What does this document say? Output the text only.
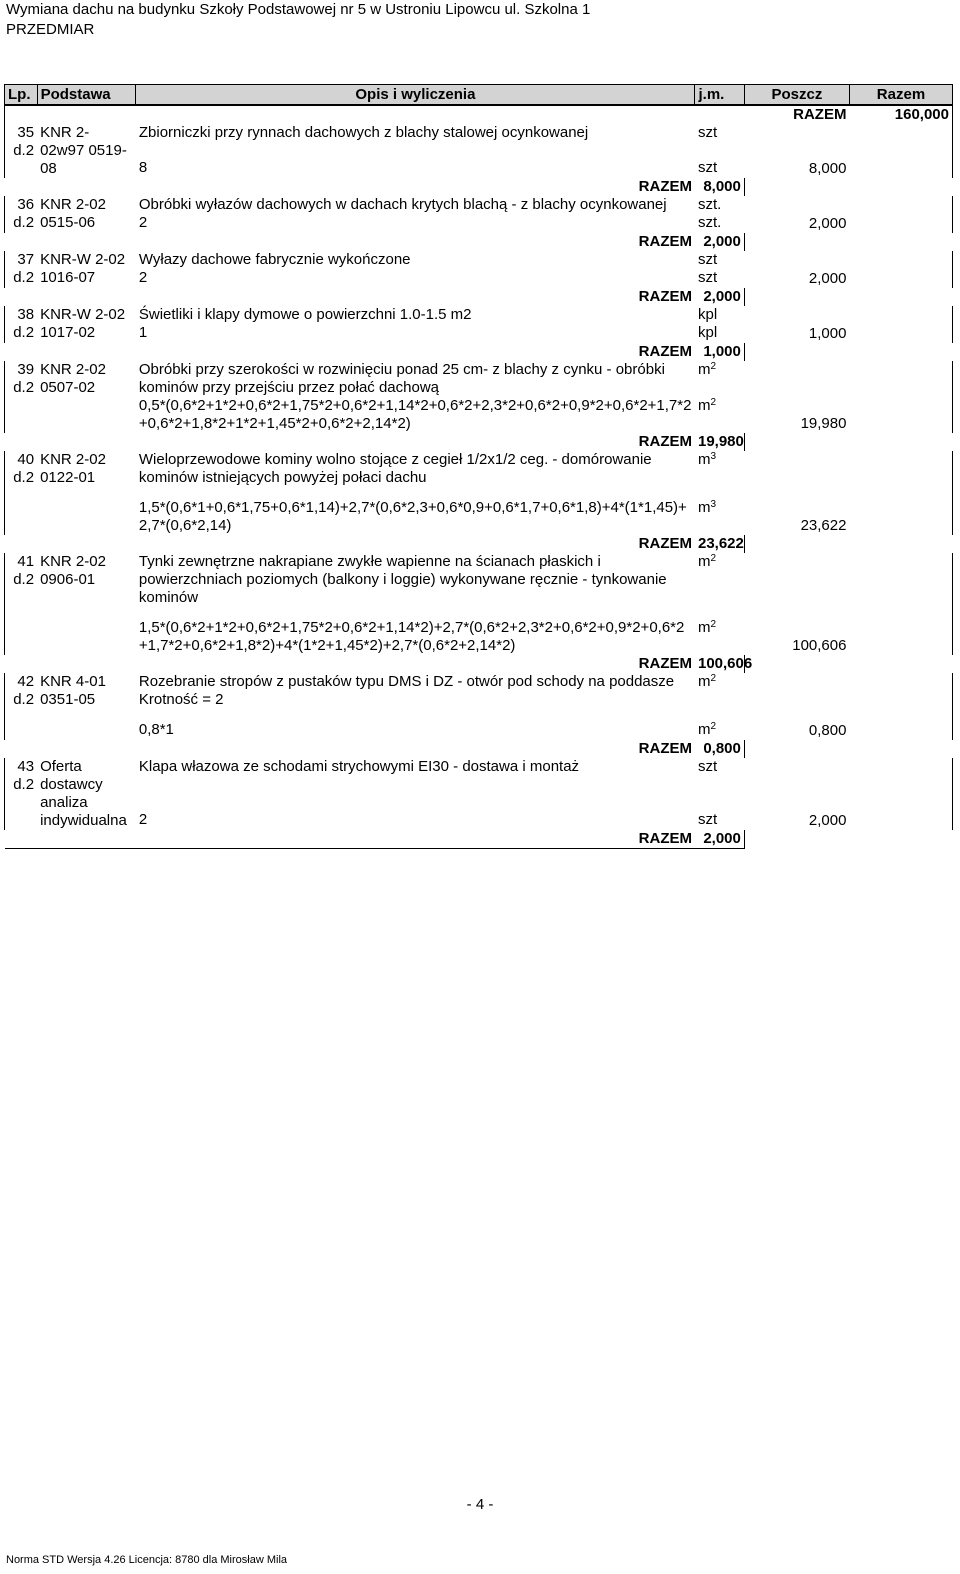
Wymiana dachu na budynku Szkoły Podstawowej nr 5 w Ustroniu Lipowcu ul. Szkolna 1
PRZEDMIAR
Lp.	Podstawa	Opis i wyliczenia	j.m.	Poszcz	Razem
				RAZEM	160,000
35 d.2	KNR 2-02w97 0519-08	Zbiorniczki przy rynnach dachowych z blachy stalowej ocynkowanej	szt		

		8	szt	8,000	
		RAZEM	8,000		
36 d.2	KNR 2-02 0515-06	Obróbki wyłazów dachowych w dachach krytych blachą - z blachy ocynkowanej	szt.		
		2	szt.	2,000	
		RAZEM	2,000		
37 d.2	KNR-W 2-02 1016-07	Wyłazy dachowe fabrycznie wykończone	szt		
		2	szt	2,000	
		RAZEM	2,000		
38 d.2	KNR-W 2-02 1017-02	Świetliki i klapy dymowe o powierzchni 1.0-1.5 m2	kpl		
		1	kpl	1,000	
		RAZEM	1,000		
39 d.2	KNR 2-02 0507-02	Obróbki przy szerokości w rozwinięciu ponad 25 cm- z blachy z cynku - obróbki kominów przy przejściu przez połać dachową	$m^2$		
		0,5*(0,6*2+1*2+0,6*2+1,75*2+0,6*2+1,14*2+0,6*2+2,3*2+0,6*2+0,9*2+0,6*2+1,7*2+0,6*2+1,8*2+1*2+1,45*2+0,6*2+2,14*2)	$m^2$	19,980	
		RAZEM	19,980		
40 d.2	KNR 2-02 0122-01	Wieloprzewodowe kominy wolno stojące z cegieł 1/2x1/2 ceg. - domórowanie kominów istniejących powyżej połaci dachu	$m^3$		

		1,5*(0,6*1+0,6*1,75+0,6*1,14)+2,7*(0,6*2,3+0,6*0,9+0,6*1,7+0,6*1,8)+4*(1*1,45)+2,7*(0,6*2,14)	$m^3$	23,622	
		RAZEM	23,622		
41 d.2	KNR 2-02 0906-01	Tynki zewnętrzne nakrapiane zwykłe wapienne na ścianach płaskich i powierzchniach poziomych (balkony i loggie) wykonywane ręcznie - tynkowanie kominów	$m^2$		

		1,5*(0,6*2+1*2+0,6*2+1,75*2+0,6*2+1,14*2)+2,7*(0,6*2+2,3*2+0,6*2+0,9*2+0,6*2+1,7*2+0,6*2+1,8*2)+4*(1*2+1,45*2)+2,7*(0,6*2+2,14*2)	$m^2$	100,606	
		RAZEM	100,606		
42 d.2	KNR 4-01 0351-05	Rozebranie stropów z pustaków typu DMS i DZ - otwór pod schody na poddasze	$m^2$		
		Krotność = 2			

		0,8*1	$m^2$	0,800	
		RAZEM	0,800		
43 d.2	Oferta dostawcy analiza indywidualna	Klapa włazowa ze schodami strychowymi EI30 - dostawa i montaż	szt		

		2	szt	2,000	
		RAZEM	2,000		
- 4 -
Norma STD Wersja 4.26 Licencja: 8780 dla Mirosław Mila
